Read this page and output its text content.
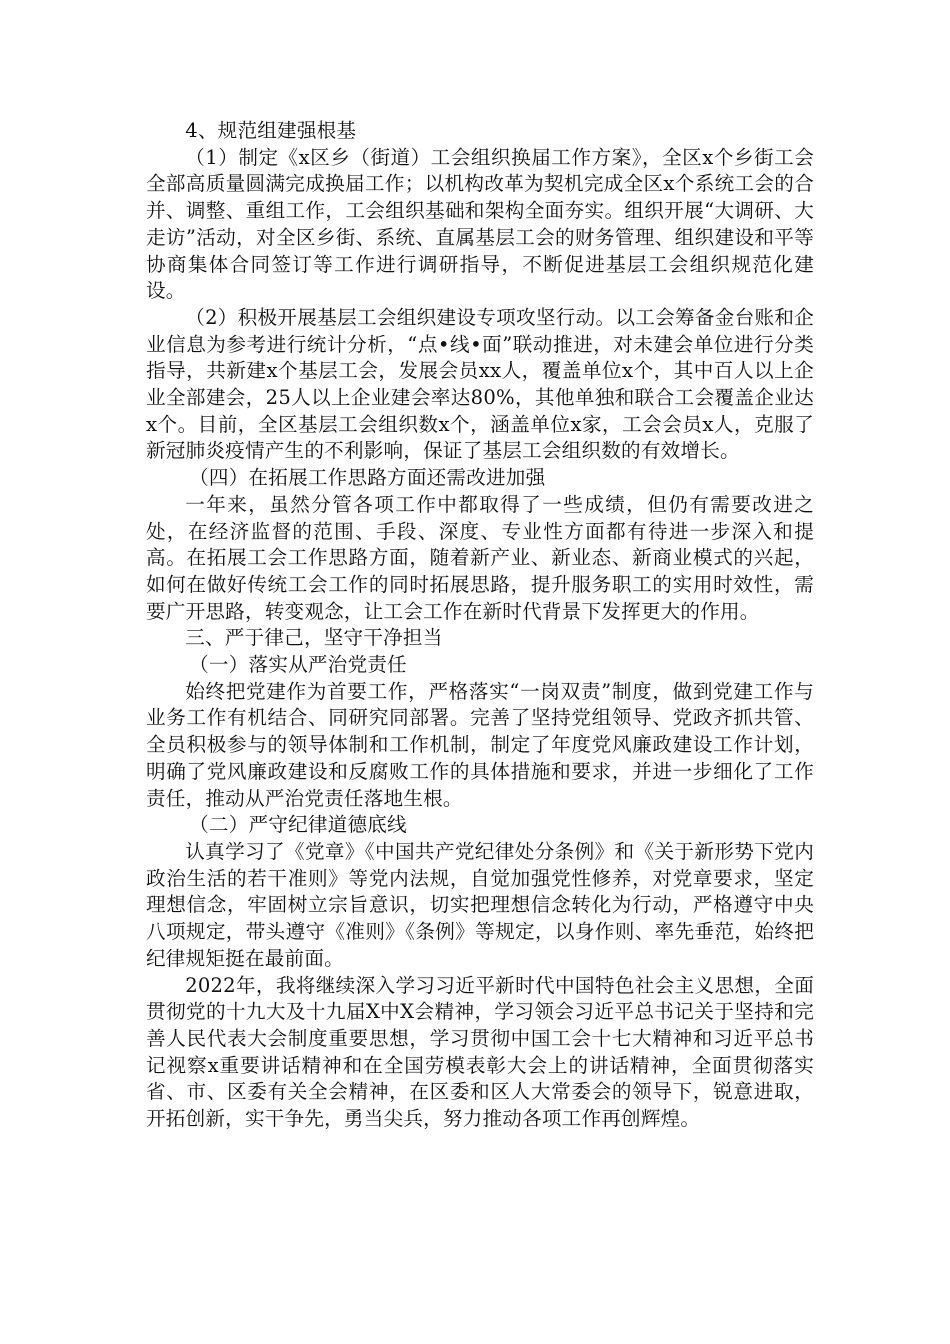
4、规范组建强根基

（1）制定《x区乡（街道）工会组织换届工作方案》，全区x个乡街工会全部高质量圆满完成换届工作；以机构改革为契机完成全区x个系统工会的合并、调整、重组工作，工会组织基础和架构全面夯实。组织开展“大调研、大走访”活动，对全区乡街、系统、直属基层工会的财务管理、组织建设和平等协商集体合同签订等工作进行调研指导，不断促进基层工会组织规范化建设。

（2）积极开展基层工会组织建设专项攻坚行动。以工会筹备金台账和企业信息为参考进行统计分析，“点•线•面”联动推进，对未建会单位进行分类指导，共新建x个基层工会，发展会员xx人，覆盖单位x个，其中百人以上企业全部建会，25人以上企业建会率达80%，其他单独和联合工会覆盖企业达x个。目前，全区基层工会组织数x个，涵盖单位x家，工会会员x人，克服了新冠肺炎疫情产生的不利影响，保证了基层工会组织数的有效增长。

（四）在拓展工作思路方面还需改进加强

一年来，虽然分管各项工作中都取得了一些成绩，但仍有需要改进之处，在经济监督的范围、手段、深度、专业性方面都有待进一步深入和提高。在拓展工会工作思路方面，随着新产业、新业态、新商业模式的兴起，如何在做好传统工会工作的同时拓展思路，提升服务职工的实用时效性，需要广开思路，转变观念，让工会工作在新时代背景下发挥更大的作用。

三、严于律己，坚守干净担当

（一）落实从严治党责任

始终把党建作为首要工作，严格落实“一岗双责”制度，做到党建工作与业务工作有机结合、同研究同部署。完善了坚持党组领导、党政齐抓共管、全员积极参与的领导体制和工作机制，制定了年度党风廉政建设工作计划，明确了党风廉政建设和反腐败工作的具体措施和要求，并进一步细化了工作责任，推动从严治党责任落地生根。

（二）严守纪律道德底线

认真学习了《党章》《中国共产党纪律处分条例》和《关于新形势下党内政治生活的若干准则》等党内法规，自觉加强党性修养，对党章要求，坚定理想信念，牢固树立宗旨意识，切实把理想信念转化为行动，严格遵守中央八项规定，带头遵守《准则》《条例》等规定，以身作则、率先垂范，始终把纪律规矩挺在最前面。

2022年，我将继续深入学习习近平新时代中国特色社会主义思想，全面贯彻党的十九大及十九届X中X会精神，学习领会习近平总书记关于坚持和完善人民代表大会制度重要思想，学习贯彻中国工会十七大精神和习近平总书记视察x重要讲话精神和在全国劳模表彰大会上的讲话精神，全面贯彻落实省、市、区委有关全会精神，在区委和区人大常委会的领导下，锐意进取，开拓创新，实干争先，勇当尖兵，努力推动各项工作再创辉煌。
